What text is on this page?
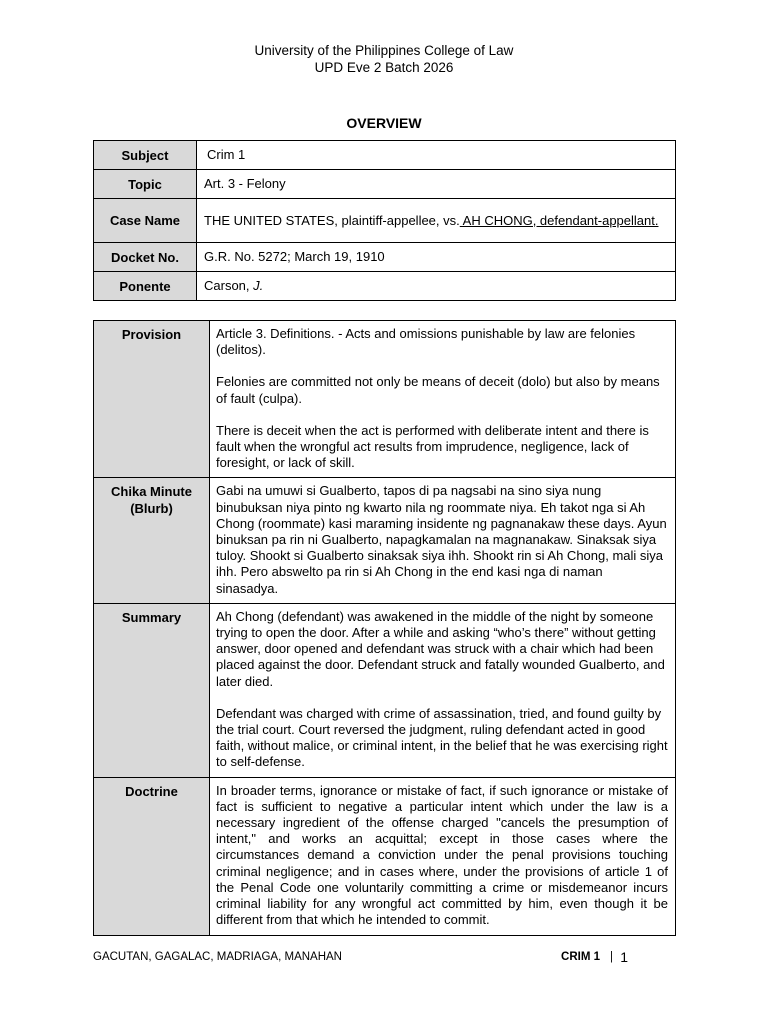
University of the Philippines College of Law
UPD Eve 2 Batch 2026
OVERVIEW
Subject	Crim 1
Topic	Art. 3 - Felony
Case Name	THE UNITED STATES, plaintiff-appellee, vs. AH CHONG, defendant-appellant.
Docket No.	G.R. No. 5272; March 19, 1910
Ponente	Carson, J.
Provision	Article 3. Definitions. - Acts and omissions punishable by law are felonies (delitos).

Felonies are committed not only be means of deceit (dolo) but also by means of fault (culpa).

There is deceit when the act is performed with deliberate intent and there is fault when the wrongful act results from imprudence, negligence, lack of foresight, or lack of skill.

Chika Minute
(Blurb)	Gabi na umuwi si Gualberto, tapos di pa nagsabi na sino siya nung binubuksan niya pinto ng kwarto nila ng roommate niya. Eh takot nga si Ah Chong (roommate) kasi maraming insidente ng pagnanakaw these days. Ayun binuksan pa rin ni Gualberto, napagkamalan na magnanakaw. Sinaksak siya tuloy. Shookt si Gualberto sinaksak siya ihh. Shookt rin si Ah Chong, mali siya ihh. Pero abswelto pa rin si Ah Chong in the end kasi nga di naman sinasadya.
Summary	Ah Chong (defendant) was awakened in the middle of the night by someone trying to open the door. After a while and asking “who’s there” without getting answer, door opened and defendant was struck with a chair which had been placed against the door. Defendant struck and fatally wounded Gualberto, and later died.

Defendant was charged with crime of assassination, tried, and found guilty by the trial court. Court reversed the judgment, ruling defendant acted in good faith, without malice, or criminal intent, in the belief that he was exercising right to self-defense.

Doctrine	In broader terms, ignorance or mistake of fact, if such ignorance or mistake of fact is sufficient to negative a particular intent which under the law is a necessary ingredient of the offense charged "cancels the presumption of intent," and works an acquittal; except in those cases where the circumstances demand a conviction under the penal provisions touching criminal negligence; and in cases where, under the provisions of article 1 of the Penal Code one voluntarily committing a crime or misdemeanor incurs criminal liability for any wrongful act committed by him, even though it be different from that which he intended to commit.
GACUTAN, GAGALAC, MADRIAGA, MANAHAN	CRIM 1 | 1
